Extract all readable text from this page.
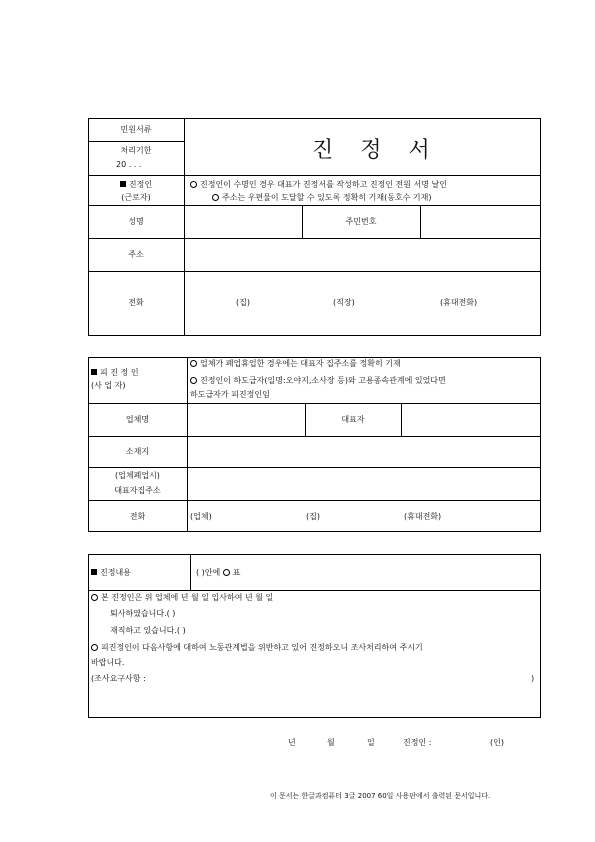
민원서류
처리기한
20 . . .
진 정 서
진정인
(근로자)
진정인이 수명인 경우 대표가 진정서를 작성하고 진정인 전원 서명 날인
주소는 우편물이 도달할 수 있도록 정확히 기재(동호수 기재)
성명	주민번호
주소
전화	(집)	(직장)	(휴대전화)
피 진 정 인
(사 업 자)
업체가 폐업휴업한 경우에는 대표자 집주소를 정확히 기재
진정인이 하도급자(일명:오야지,소사장 등)와 고용종속관계에 있었다면
하도급자가 피진정인임
업체명	대표자
소재지
(업체폐업시)
대표자집주소
전화	(업체)	(집)	(휴대전화)
진정내용	( )안에 ○ 표
본 진정인은 위 업체에 년 월 일 입사하여 년 월 일
퇴사하였습니다.( )
재직하고 있습니다.( )
피진정인이 다음사항에 대하여 노동관계법을 위반하고 있어 진정하오니 조사처리하여 주시기
바랍니다.
(조사요구사항 :	)
년	월	일	진정인 :	(인)
이 문서는 한글과컴퓨터 3글 2007 60일 사용판에서 출력된 문서입니다.
